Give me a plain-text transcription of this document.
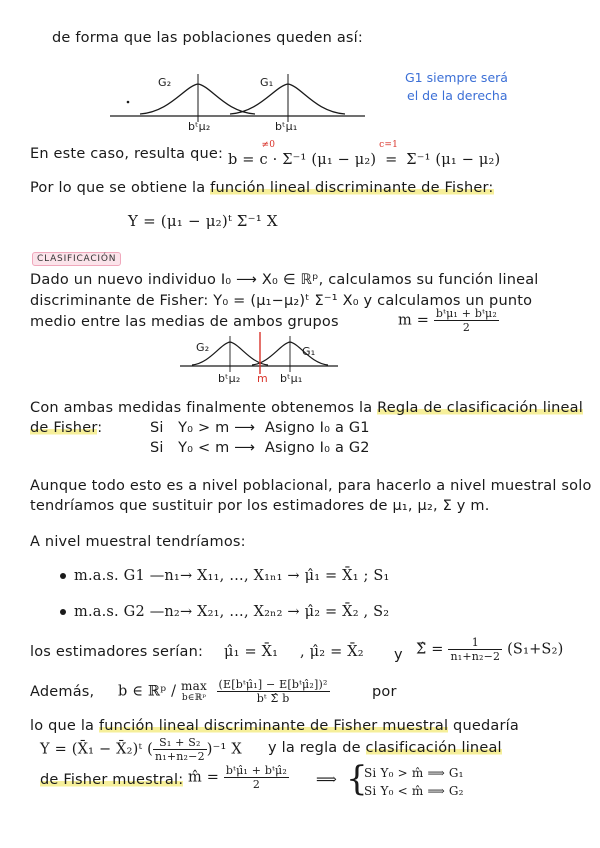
de forma que las poblaciones queden así:
G₂	G₁
bᵗμ₂	bᵗμ₁
G1 siempre será
el de la derecha
En este caso, resulta que: b = c
≠0
· Σ⁻¹ (μ₁ − μ₂) =
c=1
Σ⁻¹ (μ₁ − μ₂)
Por lo que se obtiene la función lineal discriminante de Fisher:
Y = (μ₁ − μ₂)ᵗ Σ⁻¹ X
CLASIFICACIÓN
Dado un nuevo individuo I₀ ⟶ X₀ ∈ ℝᵖ, calculamos su función lineal
discriminante de Fisher: Y₀ = (μ₁−μ₂)ᵗ Σ⁻¹ X₀ y calculamos un punto
medio entre las medias de ambos grupos	$m = \frac{\text{bᵗμ₁ + bᵗμ₂}}{2}$
G₂	G₁
bᵗμ₂ m bᵗμ₁
Con ambas medidas finalmente obtenemos la Regla de clasificación lineal
de Fisher:	Si Y₀ > m ⟶  Asigno I₀ a G1
Si Y₀ < m ⟶  Asigno I₀ a G2
Aunque todo esto es a nivel poblacional, para hacerlo a nivel muestral solo
tendríamos que sustituir por los estimadores de μ₁, μ₂, Σ y m.
A nivel muestral tendríamos:
m.a.s. G1 —n₁→ X₁₁, …, X₁ₙ₁ → μ̂₁ = X̄₁ ; S₁
m.a.s. G2 —n₂→ X₂₁, …, X₂ₙ₂ → μ̂₂ = X̄₂ , S₂
los estimadores serían: μ̂₁ = X̄₁ , μ̂₂ = X̄₂ y Σ̂ = $\frac{1}{\text{n₁+n₂−2}} (S_1+S_2)$
Además, b ∈ ℝᵖ / max
b∈ℝᵖ
$\frac{\text{(E[bᵗμ̂₁] − E[bᵗμ̂₂])²}}{\text{bᵗ Σ̂ b}}$	por
lo que la función lineal discriminante de Fisher muestral quedaría
Y = (X̄₁ − X̄₂)ᵗ ( $\frac{\text{S₁ + S₂}}{\text{n₁+n₂−2}} )^{-1}$ X y la regla de clasificación lineal
de Fisher muestral: m̂ = $\frac{\text{bᵗμ̂₁ + bᵗμ̂₂}}{2}$ ⟹ {
Si Y₀ > m̂ ⟹ G₁
Si Y₀ < m̂ ⟹ G₂
